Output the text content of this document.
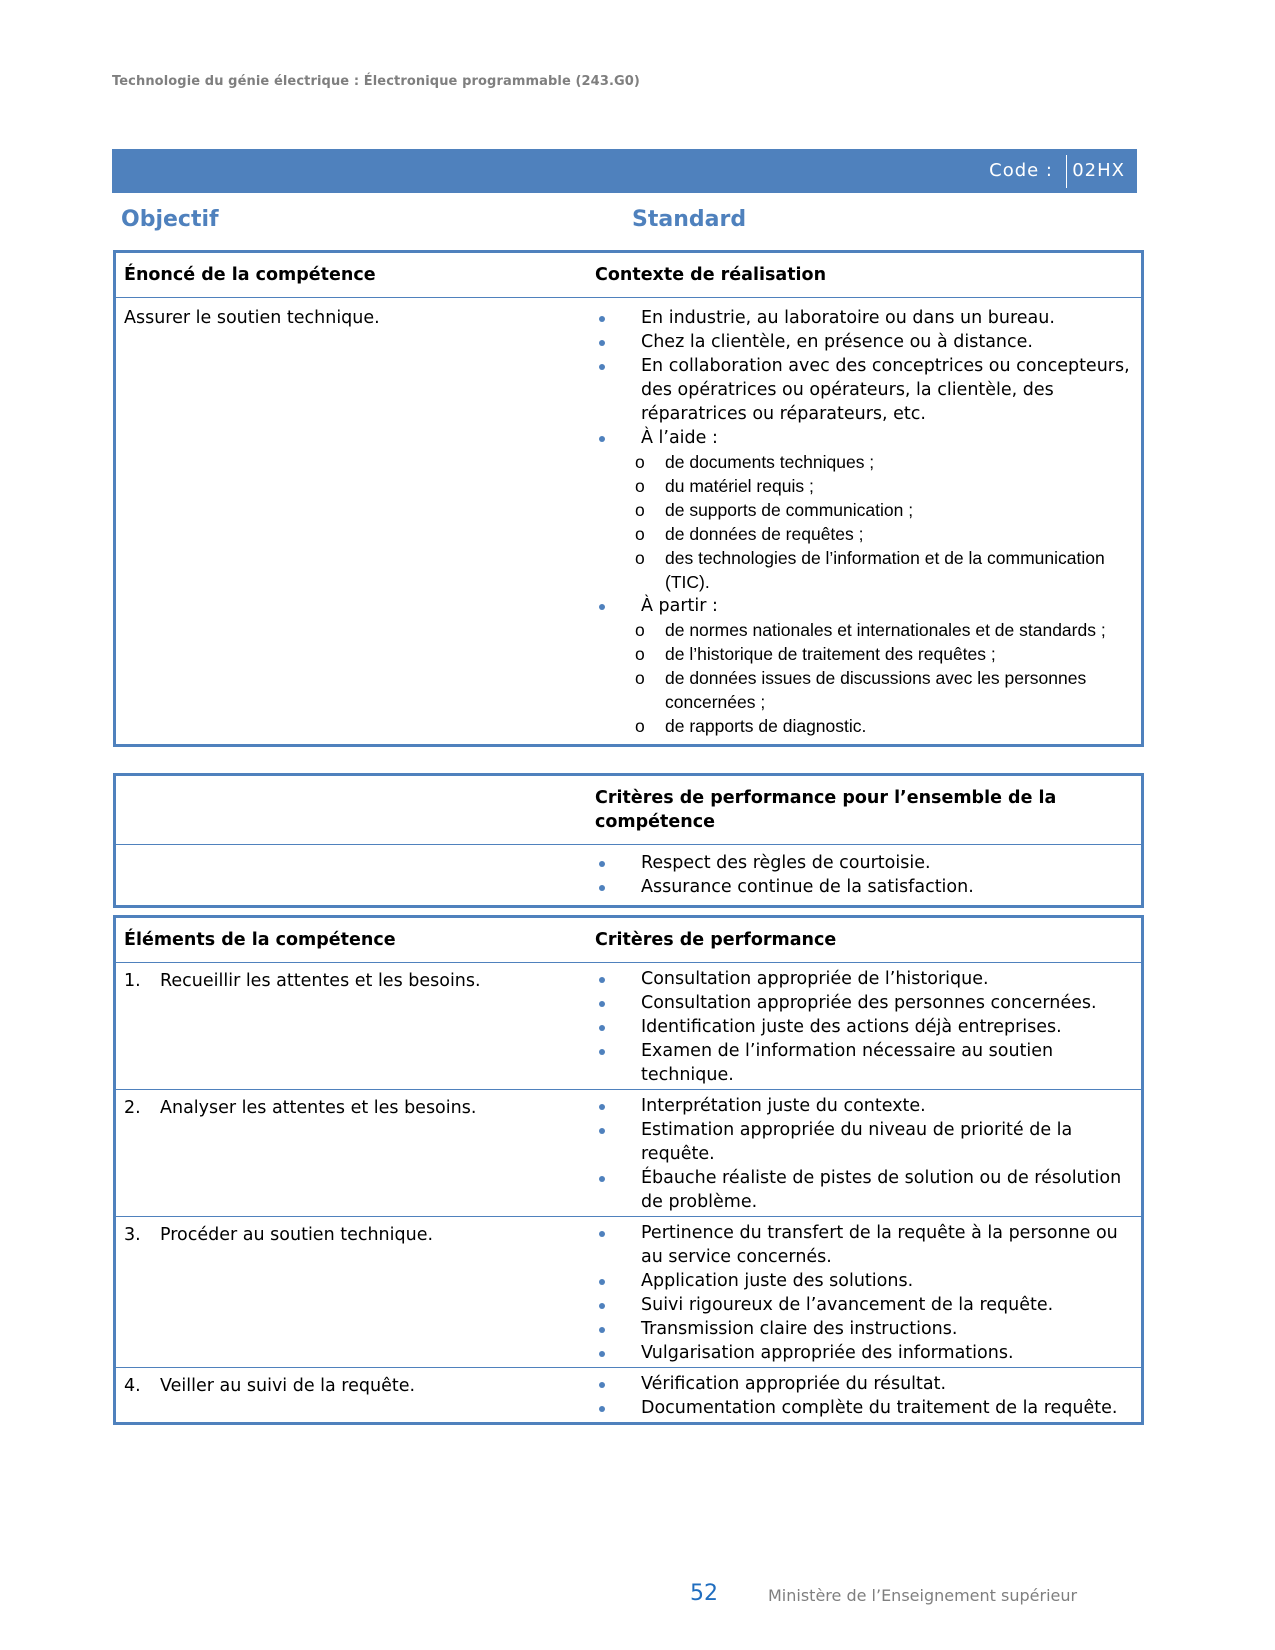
Technologie du génie électrique : Électronique programmable (243.G0)
Code : 02HX
Objectif	Standard
Énoncé de la compétence	Contexte de réalisation
Assurer le soutien technique.	En industrie, au laboratoire ou dans un bureau.
Chez la clientèle, en présence ou à distance.
En collaboration avec des conceptrices ou concepteurs, des opératrices ou opérateurs, la clientèle, des réparatrices ou réparateurs, etc.
À l’aide :
o de documents techniques ;
o du matériel requis ;
o de supports de communication ;
o de données de requêtes ;
o des technologies de l’information et de la communication (TIC).
À partir :
o de normes nationales et internationales et de standards ;
o de l’historique de traitement des requêtes ;
o de données issues de discussions avec les personnes concernées ;
o de rapports de diagnostic.
	Critères de performance pour l’ensemble de la compétence

Respect des règles de courtoisie.
Assurance continue de la satisfaction.
Éléments de la compétence	Critères de performance
1. Recueillir les attentes et les besoins.	Consultation appropriée de l’historique.
Consultation appropriée des personnes concernées.
Identification juste des actions déjà entreprises.
Examen de l’information nécessaire au soutien technique.

2. Analyser les attentes et les besoins.	Interprétation juste du contexte.
Estimation appropriée du niveau de priorité de la requête.
Ébauche réaliste de pistes de solution ou de résolution de problème.

3. Procéder au soutien technique.	Pertinence du transfert de la requête à la personne ou au service concernés.
Application juste des solutions.
Suivi rigoureux de l’avancement de la requête.
Transmission claire des instructions.
Vulgarisation appropriée des informations.

4. Veiller au suivi de la requête.	Vérification appropriée du résultat.
Documentation complète du traitement de la requête.
52	Ministère de l’Enseignement supérieur
